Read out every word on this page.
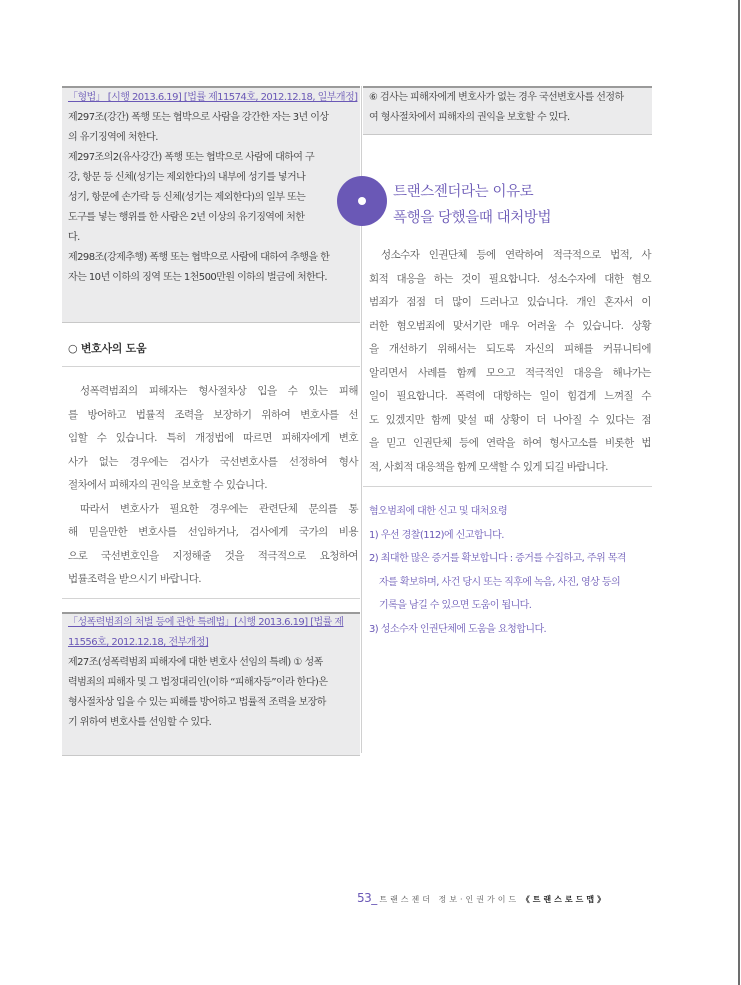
「형법」 [시행 2013.6.19] [법률 제11574호, 2012.12.18, 일부개정]
제297조(강간) 폭행 또는 협박으로 사람을 강간한 자는 3년 이상
의 유기징역에 처한다.
제297조의2(유사강간) 폭행 또는 협박으로 사람에 대하여 구
강, 항문 등 신체(성기는 제외한다)의 내부에 성기를 넣거나
성기, 항문에 손가락 등 신체(성기는 제외한다)의 일부 또는
도구를 넣는 행위를 한 사람은 2년 이상의 유기징역에 처한
다.
제298조(강제추행) 폭행 또는 협박으로 사람에 대하여 추행을 한
자는 10년 이하의 징역 또는 1천500만원 이하의 벌금에 처한다.
⑥ 검사는 피해자에게 변호사가 없는 경우 국선변호사를 선정하
여 형사절차에서 피해자의 권익을 보호할 수 있다.
○ 변호사의 도움
성폭력범죄의 피해자는 형사절차상 입을 수 있는 피해
를 방어하고 법률적 조력을 보장하기 위하여 변호사를 선
임할 수 있습니다. 특히 개정법에 따르면 피해자에게 변호
사가 없는 경우에는 검사가 국선변호사를 선정하여 형사
절차에서 피해자의 권익을 보호할 수 있습니다.
따라서 변호사가 필요한 경우에는 관련단체 문의를 통
해 믿을만한 변호사를 선임하거나, 검사에게 국가의 비용
으로 국선변호인을 지정해줄 것을 적극적으로 요청하여
법률조력을 받으시기 바랍니다.
「성폭력범죄의 처벌 등에 관한 특례법」[시행 2013.6.19] [법률 제
11556호, 2012.12.18, 전부개정]
제27조(성폭력범죄 피해자에 대한 변호사 선임의 특례) ① 성폭
력범죄의 피해자 및 그 법정대리인(이하 “피해자등”이라 한다)은
형사절차상 입을 수 있는 피해를 방어하고 법률적 조력을 보장하
기 위하여 변호사를 선임할 수 있다.
트랜스젠더라는 이유로
폭행을 당했을때 대처방법
성소수자 인권단체 등에 연락하여 적극적으로 법적, 사
회적 대응을 하는 것이 필요합니다. 성소수자에 대한 혐오
범죄가 점점 더 많이 드러나고 있습니다. 개인 혼자서 이
러한 혐오범죄에 맞서기란 매우 어려울 수 있습니다. 상황
을 개선하기 위해서는 되도록 자신의 피해를 커뮤니티에
알리면서 사례를 함께 모으고 적극적인 대응을 해나가는
일이 필요합니다. 폭력에 대항하는 일이 힘겹게 느껴질 수
도 있겠지만 함께 맞설 때 상황이 더 나아질 수 있다는 점
을 믿고 인권단체 등에 연락을 하여 형사고소를 비롯한 법
적, 사회적 대응책을 함께 모색할 수 있게 되길 바랍니다.
혐오범죄에 대한 신고 및 대처요령
1) 우선 경찰(112)에 신고합니다.
2) 최대한 많은 증거를 확보합니다 : 증거를 수집하고, 주위 목격
자를 확보하며, 사건 당시 또는 직후에 녹음, 사진, 영상 등의
기록을 남길 수 있으면 도움이 됩니다.
3) 성소수자 인권단체에 도움을 요청합니다.
53_ 트랜스젠더 정보·인권가이드 《트랜스로드맵》
